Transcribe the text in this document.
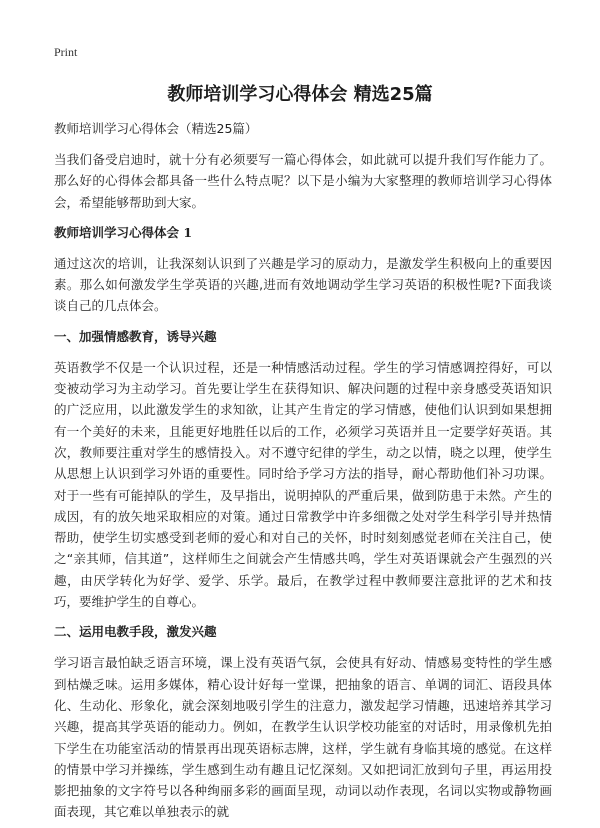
Print
教师培训学习心得体会 精选25篇

教师培训学习心得体会（精选25篇）

当我们备受启迪时，就十分有必须要写一篇心得体会，如此就可以提升我们写作能力了。那么好的心得体会都具备一些什么特点呢？以下是小编为大家整理的教师培训学习心得体会，希望能够帮助到大家。

教师培训学习心得体会 1

通过这次的培训，让我深刻认识到了兴趣是学习的原动力，是激发学生积极向上的重要因素。那么如何激发学生学英语的兴趣,进而有效地调动学生学习英语的积极性呢?下面我谈谈自己的几点体会。

一、加强情感教育，诱导兴趣

英语教学不仅是一个认识过程，还是一种情感活动过程。学生的学习情感调控得好，可以变被动学习为主动学习。首先要让学生在获得知识、解决问题的过程中亲身感受英语知识的广泛应用，以此激发学生的求知欲，让其产生肯定的学习情感，使他们认识到如果想拥有一个美好的未来，且能更好地胜任以后的工作，必须学习英语并且一定要学好英语。其次，教师要注重对学生的感情投入。对不遵守纪律的学生，动之以情，晓之以理，使学生从思想上认识到学习外语的重要性。同时给予学习方法的指导，耐心帮助他们补习功课。对于一些有可能掉队的学生，及早指出，说明掉队的严重后果，做到防患于未然。产生的成因，有的放矢地采取相应的对策。通过日常教学中许多细微之处对学生科学引导并热情帮助，使学生切实感受到老师的爱心和对自己的关怀，时时刻刻感觉老师在关注自己，使之“亲其师，信其道”，这样师生之间就会产生情感共鸣，学生对英语课就会产生强烈的兴趣，由厌学转化为好学、爱学、乐学。最后，在教学过程中教师要注意批评的艺术和技巧，要维护学生的自尊心。

二、运用电教手段，激发兴趣

学习语言最怕缺乏语言环境，课上没有英语气氛，会使具有好动、情感易变特性的学生感到枯燥乏味。运用多媒体，精心设计好每一堂课，把抽象的语言、单调的词汇、语段具体化、生动化、形象化，就会深刻地吸引学生的注意力，激发起学习情趣，迅速培养其学习兴趣，提高其学英语的能动力。例如，在教学生认识学校功能室的对话时，用录像机先拍下学生在功能室活动的情景再出现英语标志牌，这样，学生就有身临其境的感觉。在这样的情景中学习并操练，学生感到生动有趣且记忆深刻。又如把词汇放到句子里，再运用投影把抽象的文字符号以各种绚丽多彩的画面呈现，动词以动作表现，名词以实物或静物画面表现，其它难以单独表示的就
